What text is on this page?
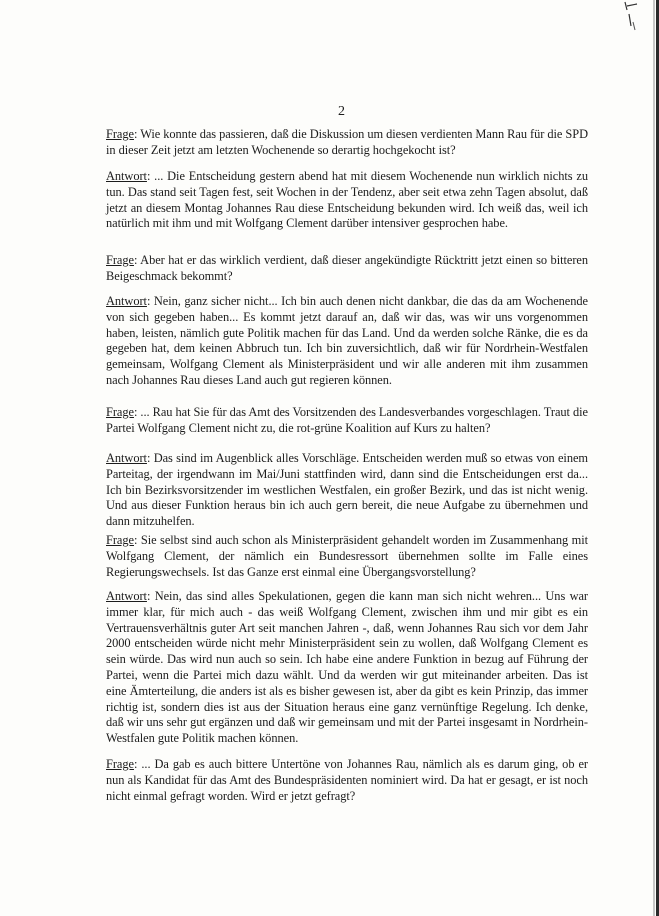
2

Frage: Wie konnte das passieren, daß die Diskussion um diesen verdienten Mann Rau für die SPD in dieser Zeit jetzt am letzten Wochenende so derartig hochgekocht ist?

Antwort: ... Die Entscheidung gestern abend hat mit diesem Wochenende nun wirklich nichts zu tun. Das stand seit Tagen fest, seit Wochen in der Tendenz, aber seit etwa zehn Tagen absolut, daß jetzt an diesem Montag Johannes Rau diese Entscheidung bekunden wird. Ich weiß das, weil ich natürlich mit ihm und mit Wolfgang Clement darüber intensiver gesprochen habe.

Frage: Aber hat er das wirklich verdient, daß dieser angekündigte Rücktritt jetzt einen so bitteren Beigeschmack bekommt?

Antwort: Nein, ganz sicher nicht... Ich bin auch denen nicht dankbar, die das da am Wochenende von sich gegeben haben... Es kommt jetzt darauf an, daß wir das, was wir uns vorgenommen haben, leisten, nämlich gute Politik machen für das Land. Und da werden solche Ränke, die es da gegeben hat, dem keinen Abbruch tun. Ich bin zuversichtlich, daß wir für Nordrhein-Westfalen gemeinsam, Wolfgang Clement als Ministerpräsident und wir alle anderen mit ihm zusammen nach Johannes Rau dieses Land auch gut regieren können.

Frage: ... Rau hat Sie für das Amt des Vorsitzenden des Landesverbandes vorgeschlagen. Traut die Partei Wolfgang Clement nicht zu, die rot-grüne Koalition auf Kurs zu halten?

Antwort: Das sind im Augenblick alles Vorschläge. Entscheiden werden muß so etwas von einem Parteitag, der irgendwann im Mai/Juni stattfinden wird, dann sind die Entscheidungen erst da... Ich bin Bezirksvorsitzender im westlichen Westfalen, ein großer Bezirk, und das ist nicht wenig. Und aus dieser Funktion heraus bin ich auch gern bereit, die neue Aufgabe zu übernehmen und dann mitzuhelfen.

Frage: Sie selbst sind auch schon als Ministerpräsident gehandelt worden im Zusammenhang mit Wolfgang Clement, der nämlich ein Bundesressort übernehmen sollte im Falle eines Regierungswechsels. Ist das Ganze erst einmal eine Übergangsvorstellung?

Antwort: Nein, das sind alles Spekulationen, gegen die kann man sich nicht wehren... Uns war immer klar, für mich auch - das weiß Wolfgang Clement, zwischen ihm und mir gibt es ein Vertrauensverhältnis guter Art seit manchen Jahren -, daß, wenn Johannes Rau sich vor dem Jahr 2000 entscheiden würde nicht mehr Ministerpräsident sein zu wollen, daß Wolfgang Clement es sein würde. Das wird nun auch so sein. Ich habe eine andere Funktion in bezug auf Führung der Partei, wenn die Partei mich dazu wählt. Und da werden wir gut miteinander arbeiten. Das ist eine Ämterteilung, die anders ist als es bisher gewesen ist, aber da gibt es kein Prinzip, das immer richtig ist, sondern dies ist aus der Situation heraus eine ganz vernünftige Regelung. Ich denke, daß wir uns sehr gut ergänzen und daß wir gemeinsam und mit der Partei insgesamt in Nordrhein-Westfalen gute Politik machen können.

Frage: ... Da gab es auch bittere Untertöne von Johannes Rau, nämlich als es darum ging, ob er nun als Kandidat für das Amt des Bundespräsidenten nominiert wird. Da hat er gesagt, er ist noch nicht einmal gefragt worden. Wird er jetzt gefragt?
